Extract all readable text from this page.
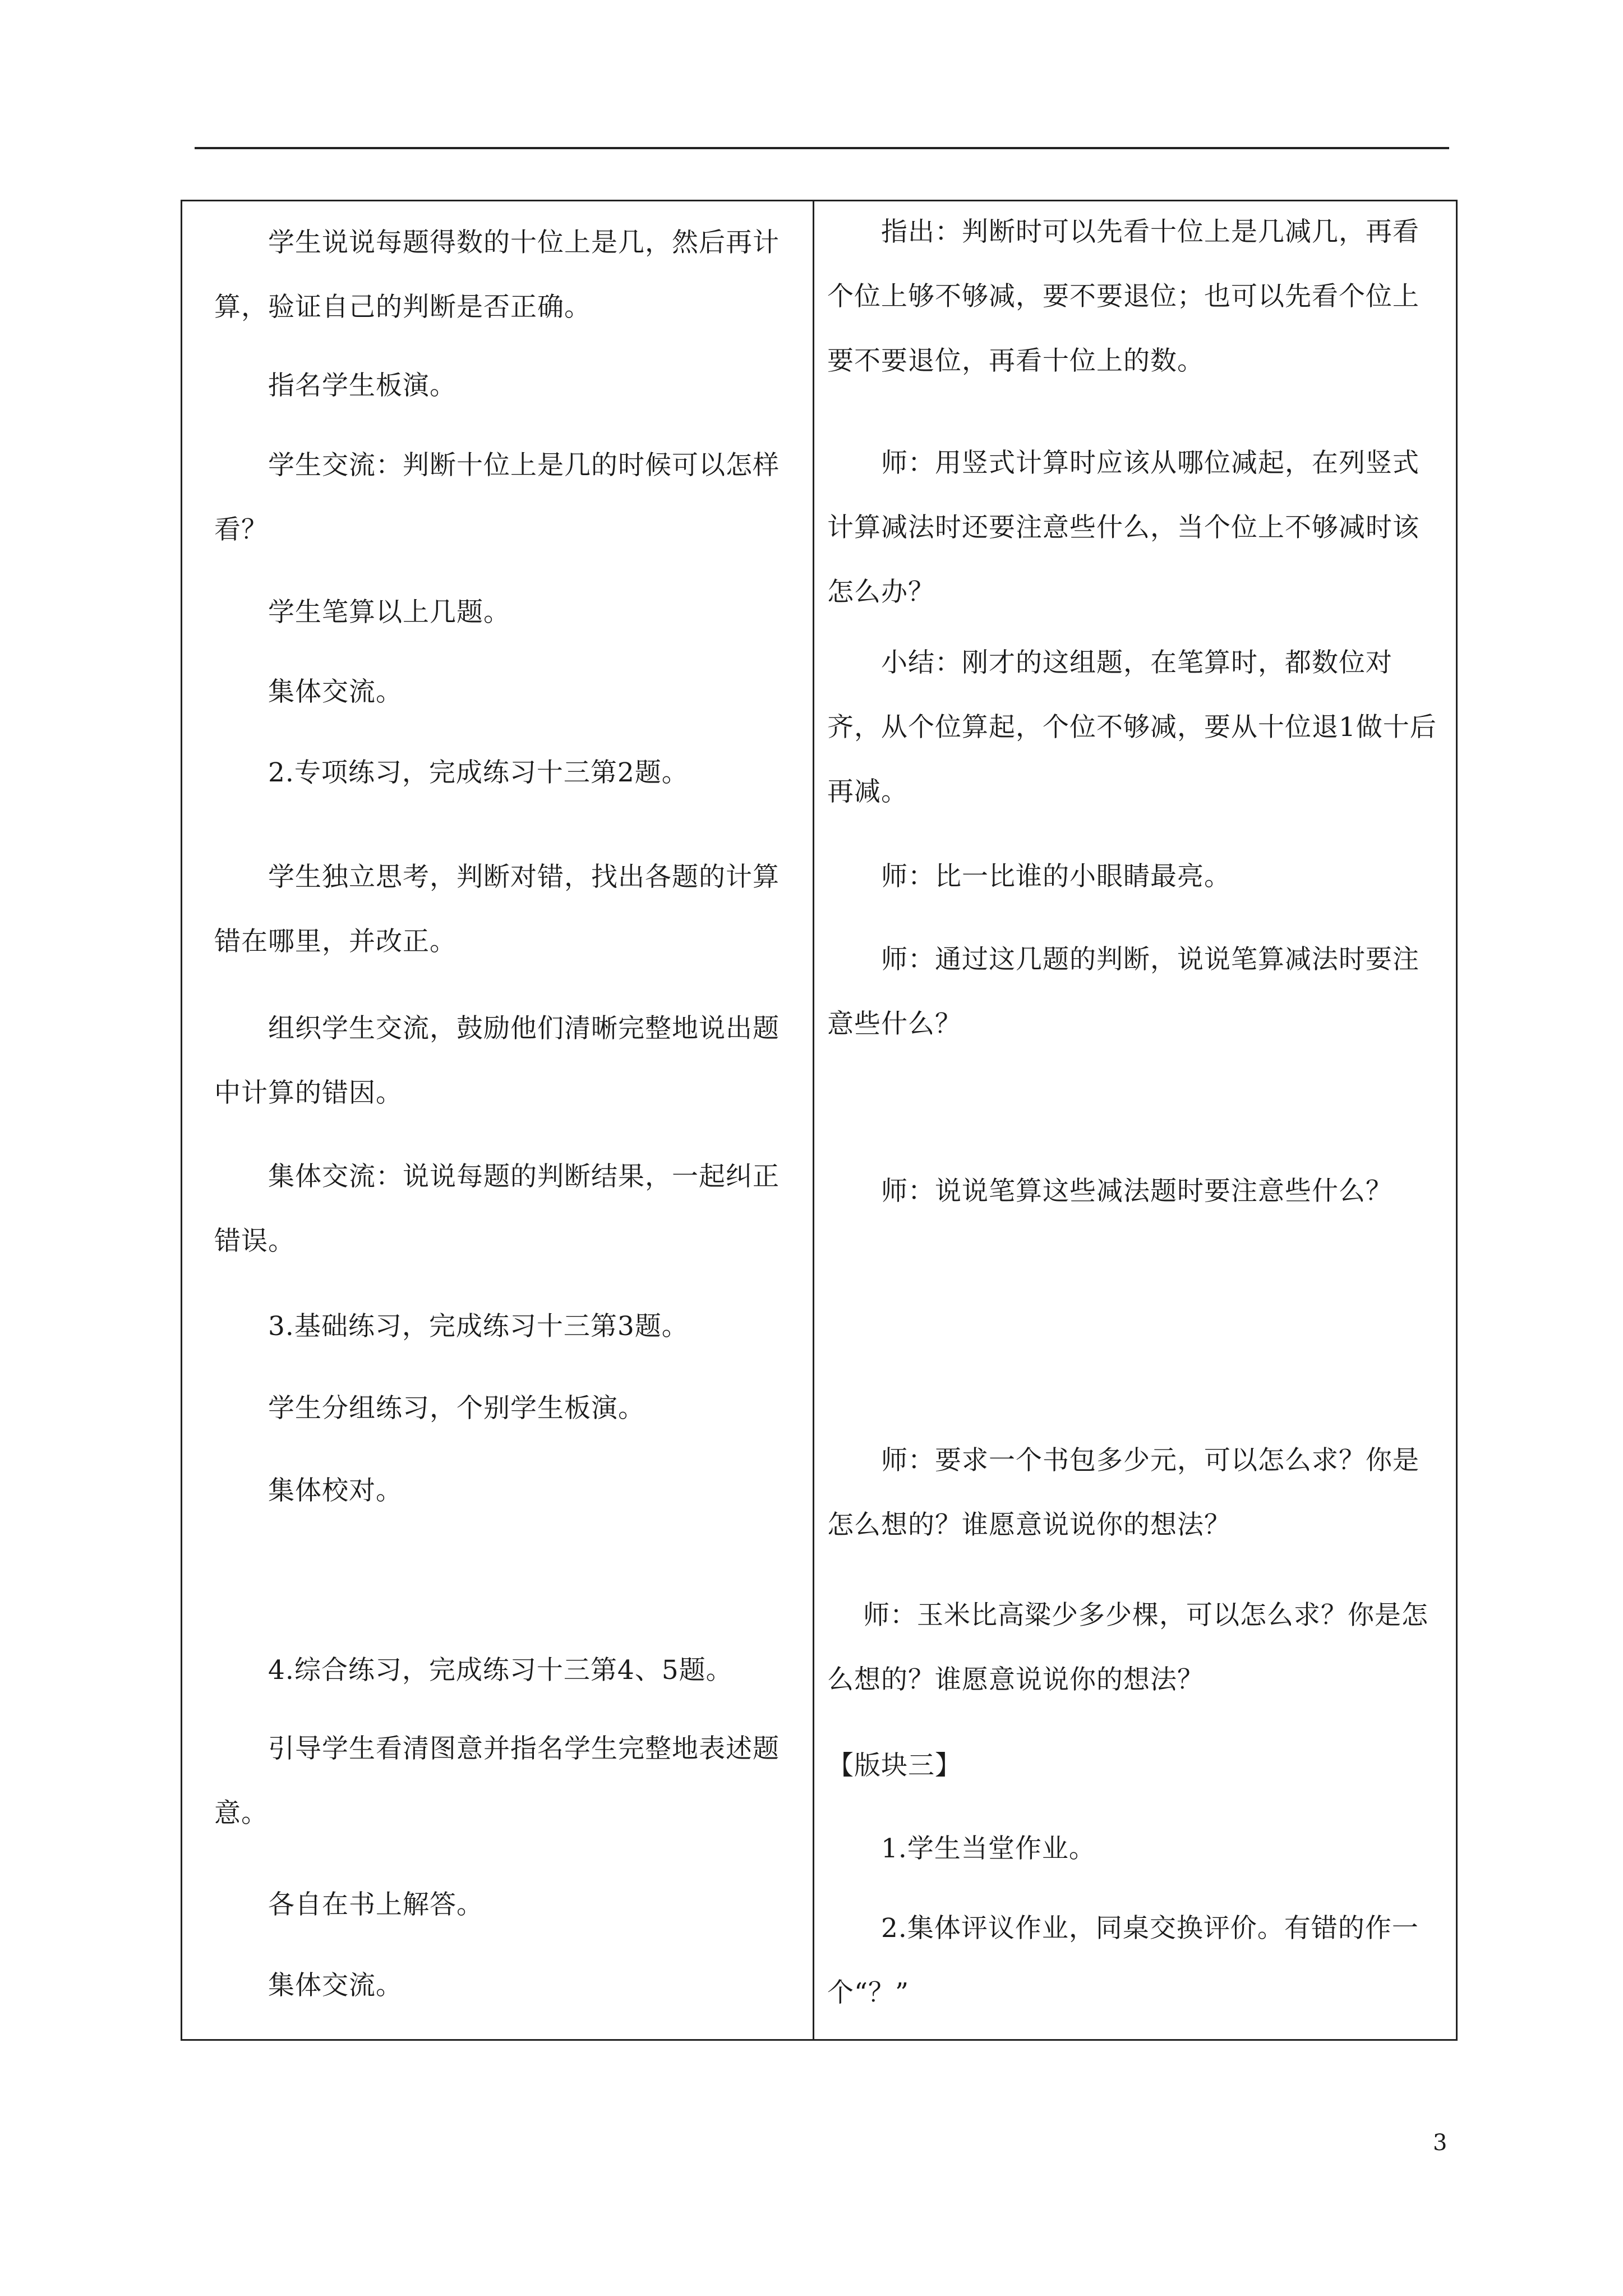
　　学生说说每题得数的十位上是几，然后再计算，验证自己的判断是否正确。

　　指名学生板演。

　　学生交流：判断十位上是几的时候可以怎样看？

　　学生笔算以上几题。

　　集体交流。

　　2.专项练习，完成练习十三第2题。

　　学生独立思考，判断对错，找出各题的计算错在哪里，并改正。

　　组织学生交流，鼓励他们清晰完整地说出题中计算的错因。

　　集体交流：说说每题的判断结果，一起纠正错误。

　　3.基础练习，完成练习十三第3题。

　　学生分组练习，个别学生板演。

　　集体校对。

　　4.综合练习，完成练习十三第4、5题。

　　引导学生看清图意并指名学生完整地表述题意。

　　各自在书上解答。

　　集体交流。

　　指出：判断时可以先看十位上是几减几，再看个位上够不够减，要不要退位；也可以先看个位上要不要退位，再看十位上的数。

　　师：用竖式计算时应该从哪位减起，在列竖式计算减法时还要注意些什么，当个位上不够减时该怎么办？

　　小结：刚才的这组题，在笔算时，都数位对齐，从个位算起，个位不够减，要从十位退1做十后再减。

　　师：比一比谁的小眼睛最亮。

　　师：通过这几题的判断，说说笔算减法时要注意些什么？

　　师：说说笔算这些减法题时要注意些什么？

　　师：要求一个书包多少元，可以怎么求？你是怎么想的？谁愿意说说你的想法？

　 师：玉米比高粱少多少棵，可以怎么求？你是怎么想的？谁愿意说说你的想法？

【版块三】

　　1.学生当堂作业。

　　2.集体评议作业，同桌交换评价。有错的作一个“？”

3
